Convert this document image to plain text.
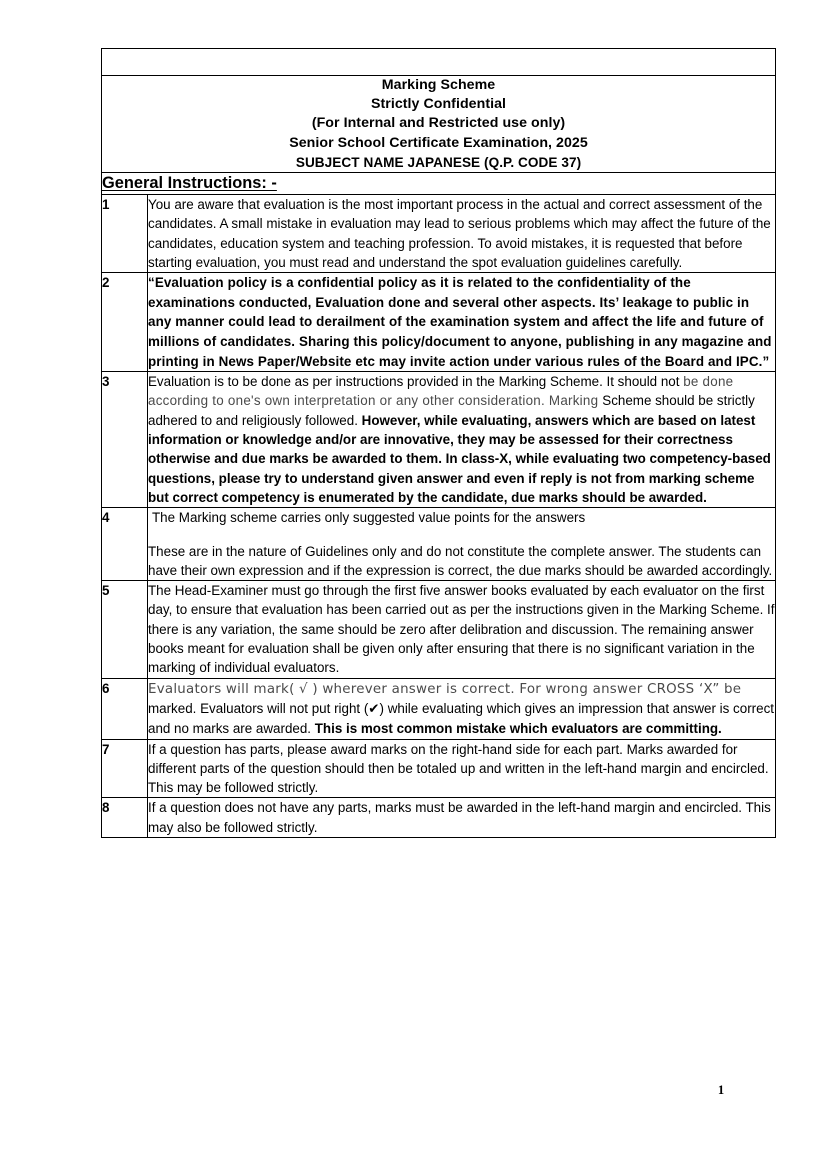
Marking Scheme
Strictly Confidential
(For Internal and Restricted use only)
Senior School Certificate Examination, 2025
SUBJECT NAME JAPANESE (Q.P. CODE 37)	

General Instructions: -	
1	You are aware that evaluation is the most important process in the actual and correct assessment of the candidates. A small mistake in evaluation may lead to serious problems which may affect the future of the candidates, education system and teaching profession. To avoid mistakes, it is requested that before starting evaluation, you must read and understand the spot evaluation guidelines carefully.

2	“Evaluation policy is a confidential policy as it is related to the confidentiality of the examinations conducted, Evaluation done and several other aspects. Its’ leakage to public in any manner could lead to derailment of the examination system and affect the life and future of millions of candidates. Sharing this policy/document to anyone, publishing in any magazine and printing in News Paper/Website etc may invite action under various rules of the Board and IPC.”

3	Evaluation is to be done as per instructions provided in the Marking Scheme. It should not be done according to one's own interpretation or any other consideration. Marking Scheme should be strictly adhered to and religiously followed. However, while evaluating, answers which are based on latest information or knowledge and/or are innovative, they may be assessed for their correctness otherwise and due marks be awarded to them. In class-X, while evaluating two competency-based questions, please try to understand given answer and even if reply is not from marking scheme but correct competency is enumerated by the candidate, due marks should be awarded.

4	The Marking scheme carries only suggested value points for the answers

These are in the nature of Guidelines only and do not constitute the complete answer. The students can have their own expression and if the expression is correct, the due marks should be awarded accordingly.

5	The Head-Examiner must go through the first five answer books evaluated by each evaluator on the first day, to ensure that evaluation has been carried out as per the instructions given in the Marking Scheme. If there is any variation, the same should be zero after delibration and discussion. The remaining answer books meant for evaluation shall be given only after ensuring that there is no significant variation in the marking of individual evaluators.

6	Evaluators will mark( √ ) wherever answer is correct. For wrong answer CROSS ‘X” be marked. Evaluators will not put right (✔) while evaluating which gives an impression that answer is correct and no marks are awarded. This is most common mistake which evaluators are committing.

7	If a question has parts, please award marks on the right-hand side for each part. Marks awarded for different parts of the question should then be totaled up and written in the left-hand margin and encircled. This may be followed strictly.

8	If a question does not have any parts, marks must be awarded in the left-hand margin and encircled. This may also be followed strictly.

1
